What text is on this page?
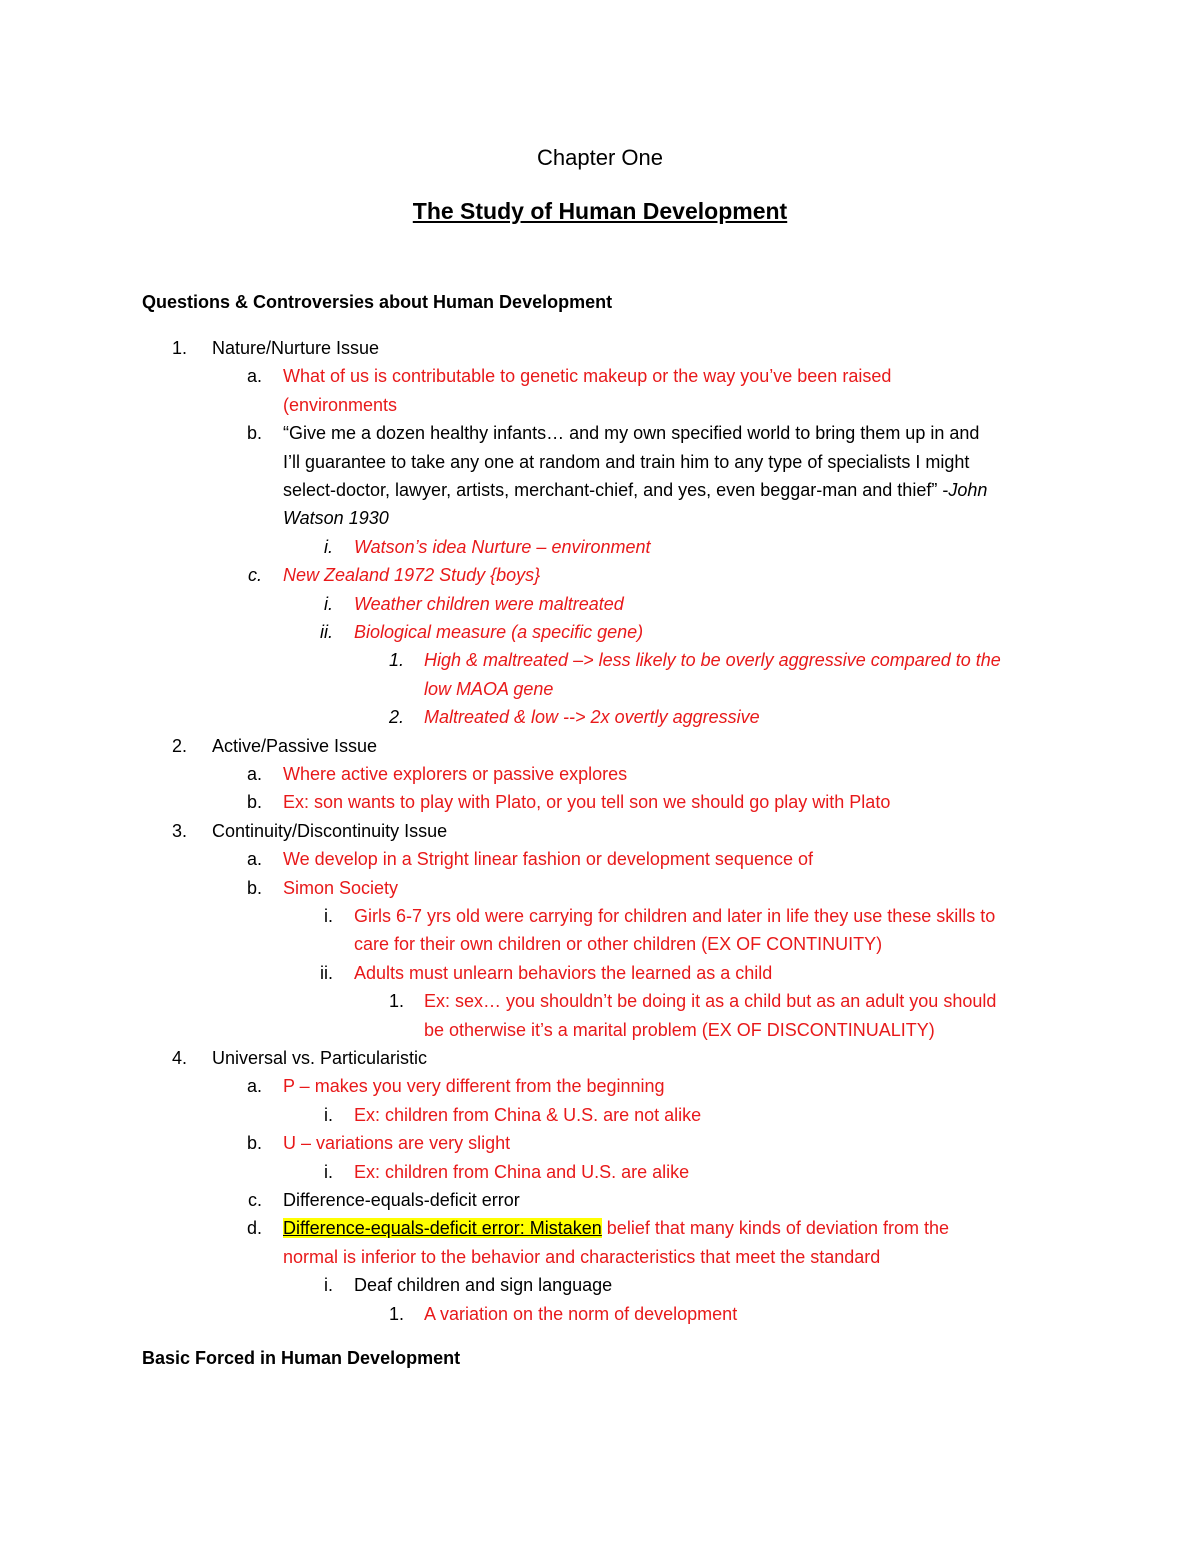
Chapter One
The Study of Human Development
Questions & Controversies about Human Development
1. Nature/Nurture Issue
a. What of us is contributable to genetic makeup or the way you’ve been raised
(environments
b. “Give me a dozen healthy infants… and my own specified world to bring them up in and
I’ll guarantee to take any one at random and train him to any type of specialists I might
select-doctor, lawyer, artists, merchant-chief, and yes, even beggar-man and thief” -John
Watson 1930
i. Watson’s idea Nurture – environment
c. New Zealand 1972 Study {boys}
i. Weather children were maltreated
ii. Biological measure (a specific gene)
1. High & maltreated –> less likely to be overly aggressive compared to the
low MAOA gene
2. Maltreated & low --> 2x overtly aggressive
2. Active/Passive Issue
a. Where active explorers or passive explores
b. Ex: son wants to play with Plato, or you tell son we should go play with Plato
3. Continuity/Discontinuity Issue
a. We develop in a Stright linear fashion or development sequence of
b. Simon Society
i. Girls 6-7 yrs old were carrying for children and later in life they use these skills to
care for their own children or other children (EX OF CONTINUITY)
ii. Adults must unlearn behaviors the learned as a child
1. Ex: sex… you shouldn’t be doing it as a child but as an adult you should
be otherwise it’s a marital problem (EX OF DISCONTINUALITY)
4. Universal vs. Particularistic
a. P – makes you very different from the beginning
i. Ex: children from China & U.S. are not alike
b. U – variations are very slight
i. Ex: children from China and U.S. are alike
c. Difference-equals-deficit error
d. Difference-equals-deficit error: Mistaken belief that many kinds of deviation from the
normal is inferior to the behavior and characteristics that meet the standard
i. Deaf children and sign language
1. A variation on the norm of development
Basic Forced in Human Development
